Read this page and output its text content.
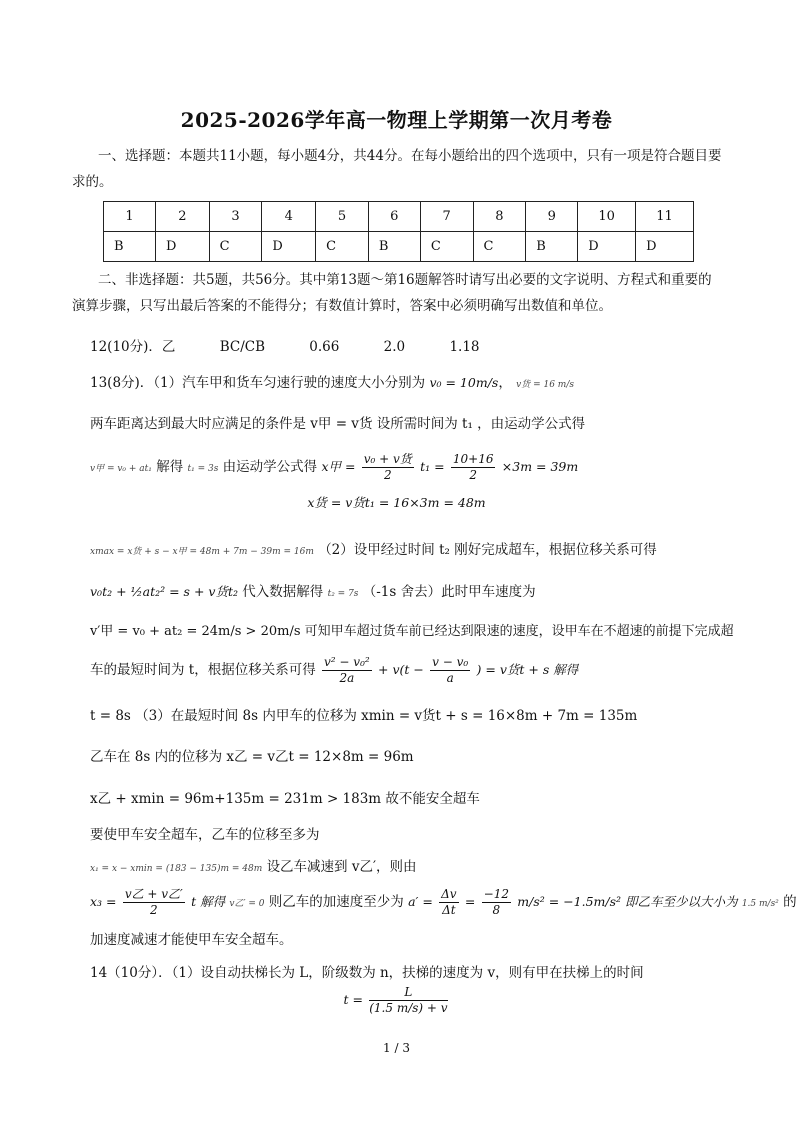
2025-2026学年高一物理上学期第一次月考卷
一、选择题：本题共11小题，每小题4分，共44分。在每小题给出的四个选项中，只有一项是符合题目要求的。
1	2	3	4	5	6	7	8	9	10	11
B	D	C	D	C	B	C	C	B	D	D
二、非选择题：共5题，共56分。其中第13题～第16题解答时请写出必要的文字说明、方程式和重要的演算步骤，只写出最后答案的不能得分；有数值计算时，答案中必须明确写出数值和单位。
12(10分)．乙	BC/CB	0.66	2.0	1.18
13(8分)．（1）汽车甲和货车匀速行驶的速度大小分别为 v₀ = 10m/s， v货 = 16 m/s
两车距离达到最大时应满足的条件是 v甲 = v货 设所需时间为 t₁ ，由运动学公式得
v甲 = v₀ + at₁ 解得 t₁ = 3s 由运动学公式得 x甲 = $\frac{\text{v₀ + v货}}{2} t_1 = \frac{10+16}{2} \times 3m = 39m$
x货 = v货t₁ = 16×3m = 48m
xmax = x货 + s − x甲 = 48m + 7m − 39m = 16m （2）设甲经过时间 t₂ 刚好完成超车，根据位移关系可得
v₀t₂ + ½at₂² = s + v货t₂ 代入数据解得 t₂ = 7s （-1s 舍去）此时甲车速度为
v′甲 = v₀ + at₂ = 24m/s > 20m/s 可知甲车超过货车前已经达到限速的速度，设甲车在不超速的前提下完成超
车的最短时间为 t，根据位移关系可得 $\frac{\text{v² − v₀²}}{2a} + v(t - \frac{\text{v − v₀}}{a}$ ) = v货t + s 解得
t = 8s （3）在最短时间 8s 内甲车的位移为 xmin = v货t + s = 16×8m + 7m = 135m
乙车在 8s 内的位移为 x乙 = v乙t = 12×8m = 96m
x乙 + xmin = 96m+135m = 231m > 183m 故不能安全超车
要使甲车安全超车，乙车的位移至多为
x₁ = x − xmin = (183 − 135)m = 48m 设乙车减速到 v乙′，则由
$x_3 = \frac{\text{v乙 + v乙′}}{2}$ t 解得 v乙′ = 0 则乙车的加速度至少为 $a' = \frac{\Delta v}{\Delta t} = \frac{-12}{8} m/s^2 = -1.5m/s^2$ 即乙车至少以大小为 1.5 m/s² 的
加速度减速才能使甲车安全超车。
14（10分）．（1）设自动扶梯长为 L，阶级数为 n，扶梯的速度为 v，则有甲在扶梯上的时间
$t = \frac{L}{(1.5 m/s) + v}$
1 / 3
